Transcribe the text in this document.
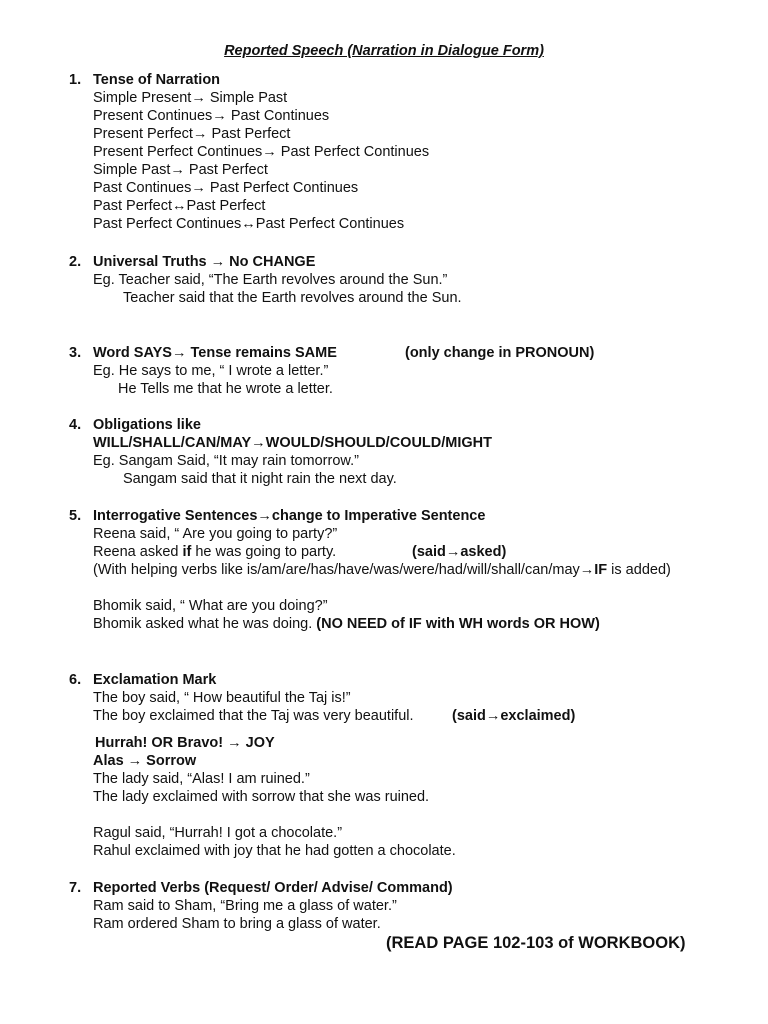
Reported Speech (Narration in Dialogue Form)
1. Tense of Narration
Simple Present→ Simple Past
Present Continues→ Past Continues
Present Perfect→ Past Perfect
Present Perfect Continues→ Past Perfect Continues
Simple Past→ Past Perfect
Past Continues→ Past Perfect Continues
Past Perfect↔Past Perfect
Past Perfect Continues↔Past Perfect Continues
2. Universal Truths → No CHANGE
Eg. Teacher said, “The Earth revolves around the Sun.”
Teacher said that the Earth revolves around the Sun.
3. Word SAYS→ Tense remains SAME	(only change in PRONOUN)
Eg. He says to me, “ I wrote a letter.”
He Tells me that he wrote a letter.
4. Obligations like
WILL/SHALL/CAN/MAY→WOULD/SHOULD/COULD/MIGHT
Eg. Sangam Said, “It may rain tomorrow.”
Sangam said that it night rain the next day.
5. Interrogative Sentences→change to Imperative Sentence
Reena said, “ Are you going to party?”
Reena asked if he was going to party.	(said→asked)
(With helping verbs like is/am/are/has/have/was/were/had/will/shall/can/may→IF is added)
Bhomik said, “ What are you doing?”
Bhomik asked what he was doing. (NO NEED of IF with WH words OR HOW)
6. Exclamation Mark
The boy said, “ How beautiful the Taj is!”
The boy exclaimed that the Taj was very beautiful.	(said→exclaimed)
Hurrah! OR Bravo! → JOY
Alas → Sorrow
The lady said, “Alas! I am ruined.”
The lady exclaimed with sorrow that she was ruined.
Ragul said, “Hurrah! I got a chocolate.”
Rahul exclaimed with joy that he had gotten a chocolate.
7. Reported Verbs (Request/ Order/ Advise/ Command)
Ram said to Sham, “Bring me a glass of water.”
Ram ordered Sham to bring a glass of water.
(READ PAGE 102-103 of WORKBOOK)
